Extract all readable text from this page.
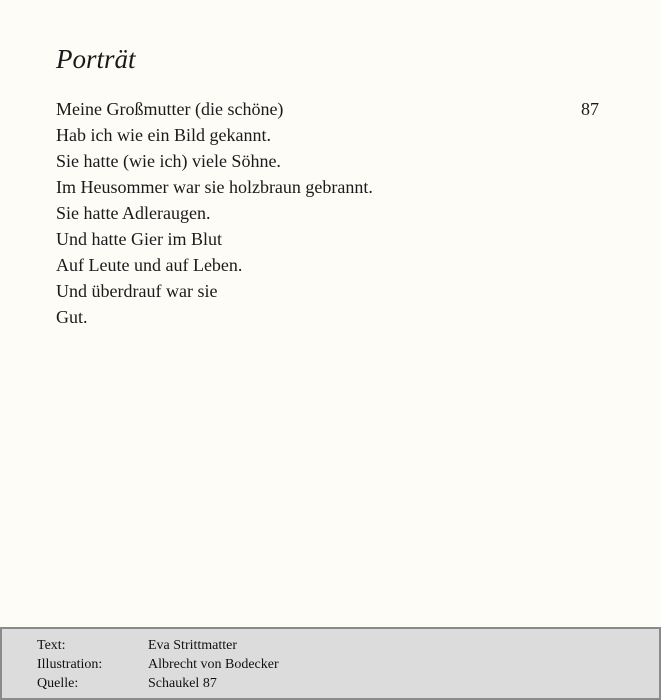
Porträt
87
Meine Großmutter (die schöne)
Hab ich wie ein Bild gekannt.
Sie hatte (wie ich) viele Söhne.
Im Heusommer war sie holzbraun gebrannt.
Sie hatte Adleraugen.
Und hatte Gier im Blut
Auf Leute und auf Leben.
Und überdrauf war sie
Gut.
Text:	Eva Strittmatter
Illustration:	Albrecht von Bodecker
Quelle:	Schaukel 87
